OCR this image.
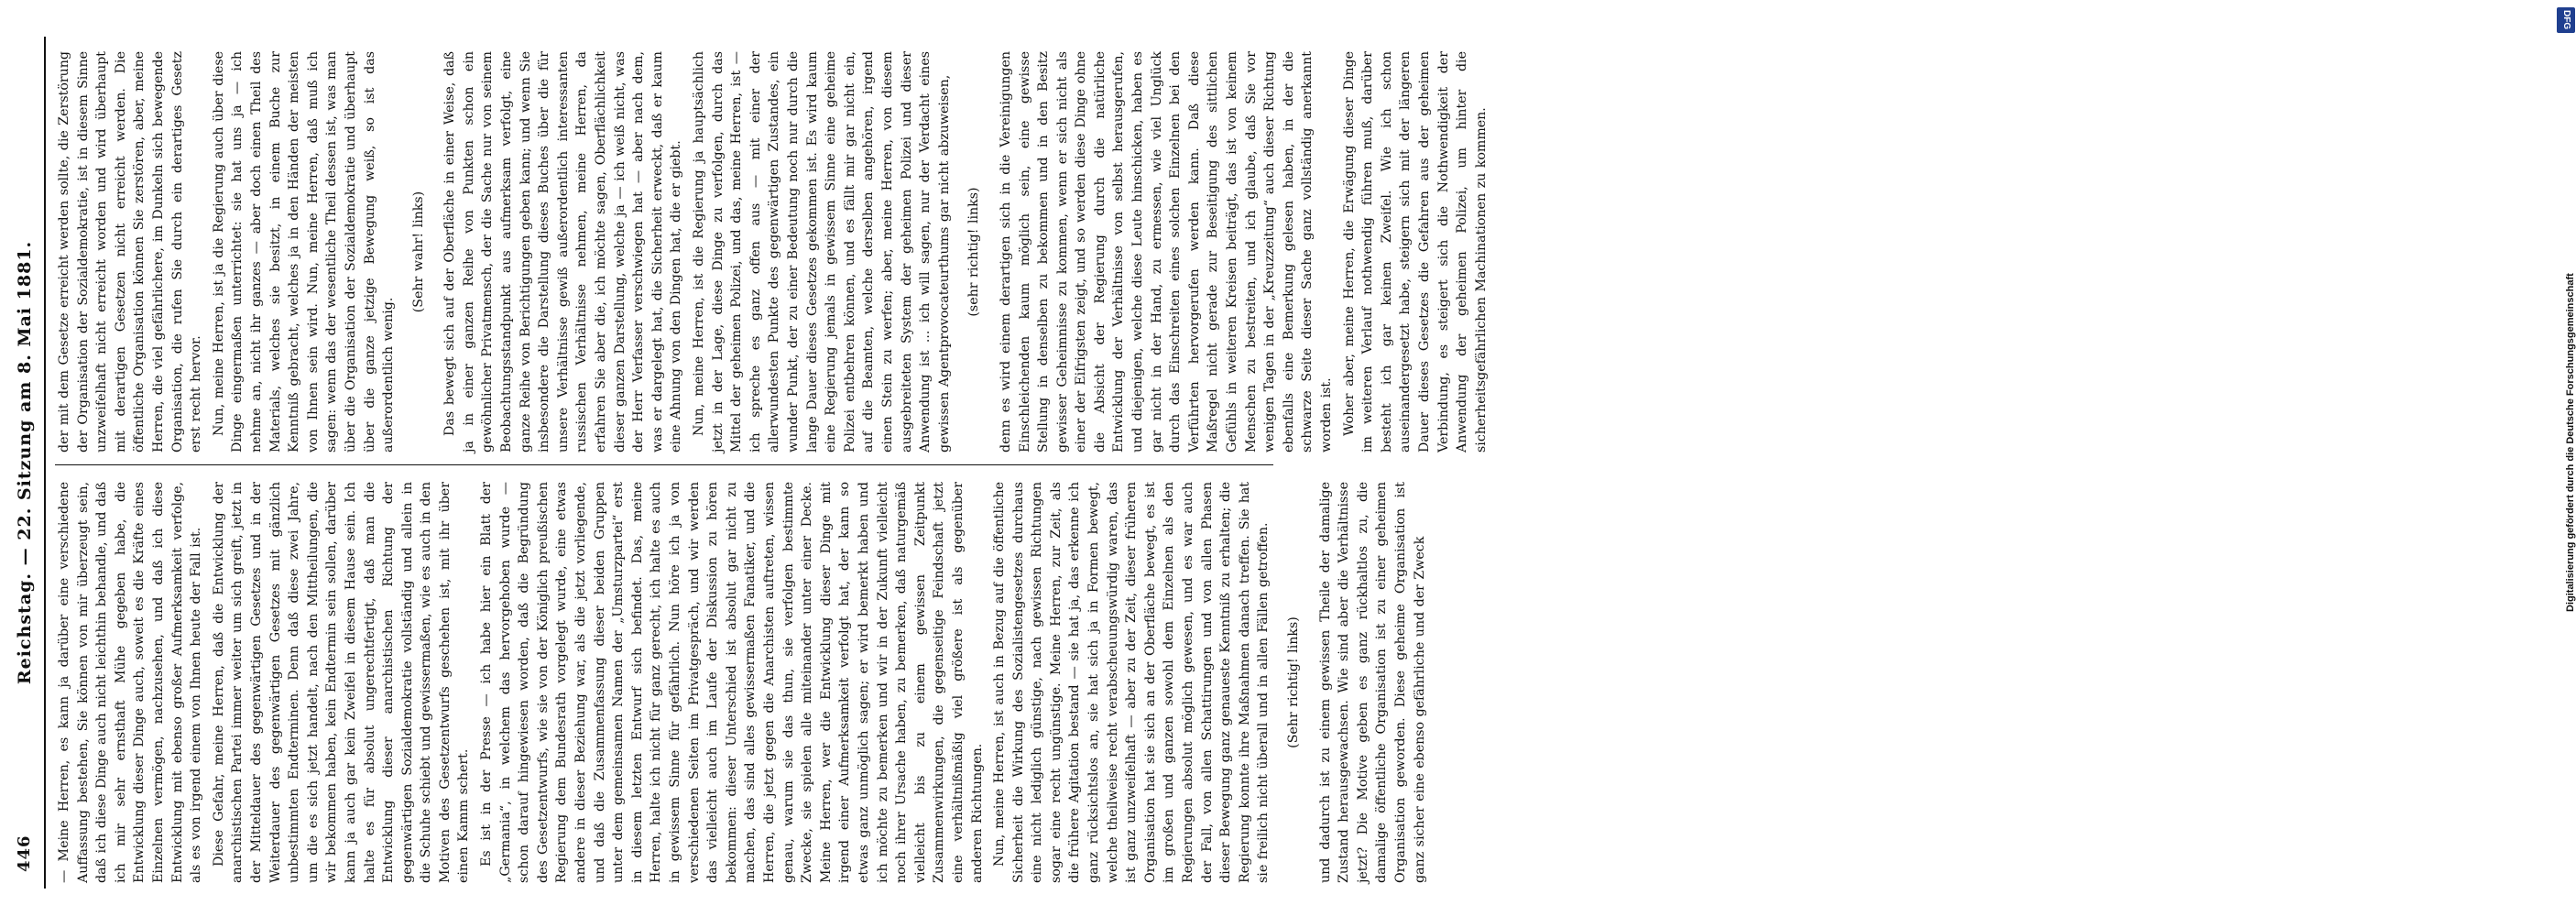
446
Reichstag. — 22. Sitzung am 8. Mai 1881. — Meine Herren, es kann ja darüber eine verschiedene Auffassung bestehen, Sie können von mir überzeugt sein, daß ich diese Dinge auch nicht leichthin behandle, und daß ich mir sehr ernsthaft Mühe gegeben habe, die Entwicklung dieser Dinge auch, soweit es die Kräfte eines Einzelnen vermögen, nachzusehen, und daß ich diese Entwicklung mit ebenso großer Aufmerksamkeit verfolge, als es von irgend einem von Ihnen heute der Fall ist. Diese Gefahr, meine Herren, daß die Entwicklung der anarchistischen Partei immer weiter um sich greift, jetzt in der Mitteldauer des gegenwärtigen Gesetzes und in der Weiterdauer des gegenwärtigen Gesetzes mit gänzlich unbestimmten Endterminen. Denn daß diese zwei Jahre, um die es sich jetzt handelt, nach den Mittheilungen, die wir bekommen haben, kein Endtermin sein sollen, darüber kann ja auch gar kein Zweifel in diesem Hause sein. Ich halte es für absolut ungerechtfertigt, daß man die Entwicklung dieser anarchistischen Richtung der gegenwärtigen Sozialdemokratie vollständig und allein in die Schuhe schiebt und gewissermaßen, wie es auch in den Motiven des Gesetzentwurfs geschehen ist, mit ihr über einen Kamm schert. Es ist in der Presse — ich habe hier ein Blatt der „Germania“, in welchem das hervorgehoben wurde — schon darauf hingewiesen worden, daß die Begründung des Gesetzentwurfs, wie sie von der Königlich preußischen Regierung dem Bundesrath vorgelegt wurde, eine etwas andere in dieser Beziehung war, als die jetzt vorliegende, und daß die Zusammenfassung dieser beiden Gruppen unter dem gemeinsamen Namen der „Umsturzpartei“ erst in diesem letzten Entwurf sich befindet. Das, meine Herren, halte ich nicht für ganz gerecht, ich halte es auch in gewissem Sinne für gefährlich. Nun höre ich ja von verschiedenen Seiten im Privatgespräch, und wir werden das vielleicht auch im Laufe der Diskussion zu hören bekommen: dieser Unterschied ist absolut gar nicht zu machen, das sind alles gewissermaßen Fanatiker, und die Herren, die jetzt gegen die Anarchisten auftreten, wissen genau, warum sie das thun, sie verfolgen bestimmte Zwecke, sie spielen alle miteinander unter einer Decke. Meine Herren, wer die Entwicklung dieser Dinge mit irgend einer Aufmerksamkeit verfolgt hat, der kann so etwas ganz unmöglich sagen; er wird bemerkt haben und ich möchte zu bemerken und wir in der Zukunft vielleicht noch ihrer Ursache haben, zu bemerken, daß naturgemäß vielleicht bis zu einem gewissen Zeitpunkt Zusammenwirkungen, die gegenseitige Feindschaft jetzt eine verhältnißmäßig viel größere ist als gegenüber anderen Richtungen. Nun, meine Herren, ist auch in Bezug auf die öffentliche Sicherheit die Wirkung des Sozialistengesetzes durchaus eine nicht lediglich günstige, nach gewissen Richtungen sogar eine recht ungünstige. Meine Herren, zur Zeit, als die frühere Agitation bestand — sie hat ja, das erkenne ich ganz rücksichtslos an, sie hat sich ja in Formen bewegt, welche theilweise recht verabscheuungswürdig waren, das ist ganz unzweifelhaft — aber zu der Zeit, dieser früheren Organisation hat sie sich an der Oberfläche bewegt, es ist im großen und ganzen sowohl dem Einzelnen als den Regierungen absolut möglich gewesen, und es war auch der Fall, von allen Schattirungen und von allen Phasen dieser Bewegung ganz genaueste Kenntniß zu erhalten; die Regierung konnte ihre Maßnahmen danach treffen. Sie hat sie freilich nicht überall und in allen Fällen getroffen. (Sehr richtig! links) und dadurch ist zu einem gewissen Theile der damalige Zustand herausgewachsen. Wie sind aber die Verhältnisse jetzt? Die Motive geben es ganz rückhaltlos zu, die damalige öffentliche Organisation ist zu einer geheimen Organisation geworden. Diese geheime Organisation ist ganz sicher eine ebenso gefährliche und der Zweck

der mit dem Gesetze erreicht werden sollte, die Zerstörung der Organisation der Sozialdemokratie, ist in diesem Sinne unzweifelhaft nicht erreicht worden und wird überhaupt mit derartigen Gesetzen nicht erreicht werden. Die öffentliche Organisation können Sie zerstören, aber, meine Herren, die viel gefährlichere, im Dunkeln sich bewegende Organisation, die rufen Sie durch ein derartiges Gesetz erst recht hervor. Nun, meine Herren, ist ja die Regierung auch über diese Dinge eingermaßen unterrichtet: sie hat uns ja — ich nehme an, nicht ihr ganzes — aber doch einen Theil des Materials, welches sie besitzt, in einem Buche zur Kenntniß gebracht, welches ja in den Händen der meisten von Ihnen sein wird. Nun, meine Herren, daß muß ich sagen: wenn das der wesentliche Theil dessen ist, was man über die Organisation der Sozialdemokratie und überhaupt über die ganze jetzige Bewegung weiß, so ist das außerordentlich wenig.

(Sehr wahr! links) Das bewegt sich auf der Oberfläche in einer Weise, daß ja in einer ganzen Reihe von Punkten schon ein gewöhnlicher Privatmensch, der die Sache nur von seinem Beobachtungsstandpunkt aus aufmerksam verfolgt, eine ganze Reihe von Berichtigungen geben kann; und wenn Sie insbesondere die Darstellung dieses Buches über die für unsere Verhältnisse gewiß außerordentlich interessanten russischen Verhältnisse nehmen, meine Herren, da erfahren Sie aber die, ich möchte sagen, Oberflächlichkeit dieser ganzen Darstellung, welche ja — ich weiß nicht, was der Herr Verfasser verschwiegen hat — aber nach dem, was er dargelegt hat, die Sicherheit erweckt, daß er kaum eine Ahnung von den Dingen hat, die er giebt. Nun, meine Herren, ist die Regierung ja hauptsächlich jetzt in der Lage, diese Dinge zu verfolgen, durch das Mittel der geheimen Polizei, und das, meine Herren, ist — ich spreche es ganz offen aus — mit einer der allerwundesten Punkte des gegenwärtigen Zustandes, ein wunder Punkt, der zu einer Bedeutung noch nur durch die lange Dauer dieses Gesetzes gekommen ist. Es wird kaum eine Regierung jemals in gewissem Sinne eine geheime Polizei entbehren können, und es fällt mir gar nicht ein, auf die Beamten, welche derselben angehören, irgend einen Stein zu werfen; aber, meine Herren, von diesem ausgebreiteten System der geheimen Polizei und dieser Anwendung ist ... ich will sagen, nur der Verdacht eines gewissen Agentprovocateurthums gar nicht abzuweisen, (sehr richtig! links) denn es wird einem derartigen sich in die Vereinigungen Einschleichenden kaum möglich sein, eine gewisse Stellung in denselben zu bekommen und in den Besitz gewisser Geheimnisse zu kommen, wenn er sich nicht als einer der Eifrigsten zeigt, und so werden diese Dinge ohne die Absicht der Regierung durch die natürliche Entwicklung der Verhältnisse von selbst herausgerufen, und diejenigen, welche diese Leute hinschicken, haben es gar nicht in der Hand, zu ermessen, wie viel Unglück durch das Einschreiten eines solchen Einzelnen bei den Verführten hervorgerufen werden kann. Daß diese Maßregel nicht gerade zur Beseitigung des sittlichen Gefühls in weiteren Kreisen beiträgt, das ist von keinem Menschen zu bestreiten, und ich glaube, daß Sie vor wenigen Tagen in der „Kreuzzeitung“ auch dieser Richtung ebenfalls eine Bemerkung gelesen haben, in der die schwarze Seite dieser Sache ganz vollständig anerkannt worden ist. Woher aber, meine Herren, die Erwägung dieser Dinge im weiteren Verlauf nothwendig führen muß, darüber besteht ich gar keinen Zweifel. Wie ich schon auseinandergesetzt habe, steigern sich mit der längeren Dauer dieses Gesetzes die Gefahren aus der geheimen Verbindung, es steigert sich die Nothwendigkeit der Anwendung der geheimen Polizei, um hinter die sicherheitsgefährlichen Machinationen zu kommen.

DFG
Digitalisierung gefördert durch die Deutsche Forschungsgemeinschaft
